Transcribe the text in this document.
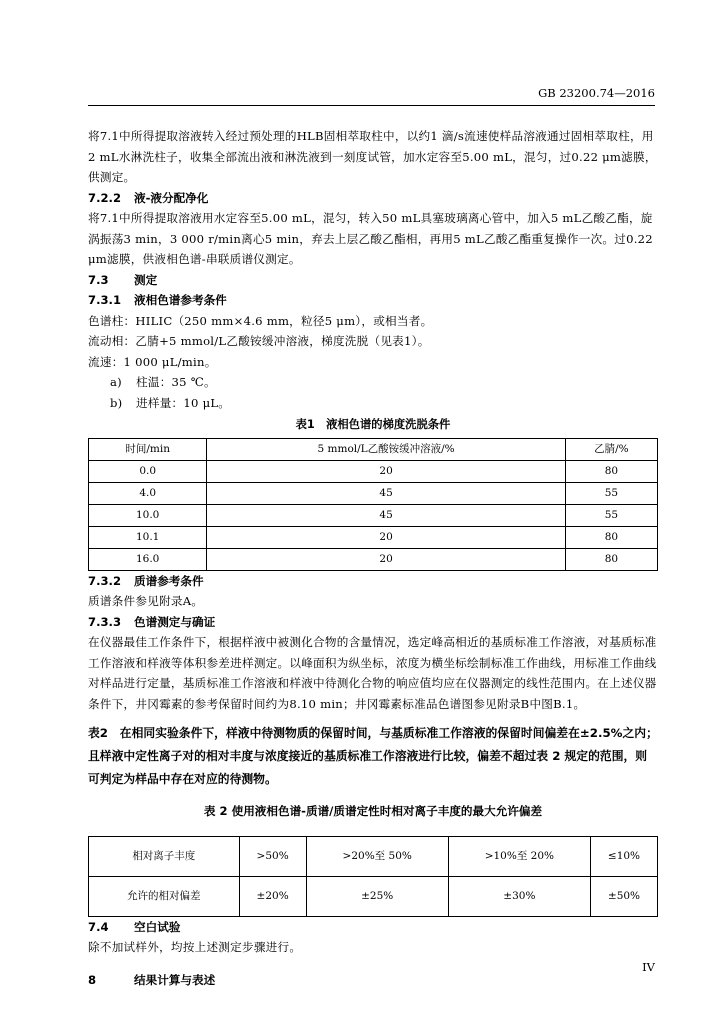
GB 23200.74—2016

将7.1中所得提取溶液转入经过预处理的HLB固相萃取柱中，以约1 滴/s流速使样品溶液通过固相萃取柱，用2 mL水淋洗柱子，收集全部流出液和淋洗液到一刻度试管，加水定容至5.00 mL，混匀，过0.22 μm滤膜，供测定。

7.2.2 液-液分配净化

将7.1中所得提取溶液用水定容至5.00 mL，混匀，转入50 mL具塞玻璃离心管中，加入5 mL乙酸乙酯，旋涡振荡3 min，3 000 r/min离心5 min，弃去上层乙酸乙酯相，再用5 mL乙酸乙酯重复操作一次。过0.22 μm滤膜，供液相色谱-串联质谱仪测定。

7.3 测定
7.3.1 液相色谱参考条件

色谱柱：HILIC（250 mm×4.6 mm，粒径5 μm），或相当者。

流动相：乙腈+5 mmol/L乙酸铵缓冲溶液，梯度洗脱（见表1）。

流速：1 000 μL/min。

a) 柱温：35 ℃。

b) 进样量：10 μL。

表1　液相色谱的梯度洗脱条件
时间/min	5 mmol/L乙酸铵缓冲溶液/%	乙腈/%
0.0	20	80
4.0	45	55
10.0	45	55
10.1	20	80
16.0	20	80
7.3.2 质谱参考条件

质谱条件参见附录A。

7.3.3 色谱测定与确证

在仪器最佳工作条件下，根据样液中被测化合物的含量情况，选定峰高相近的基质标准工作溶液，对基质标准工作溶液和样液等体积参差进样测定。以峰面积为纵坐标，浓度为横坐标绘制标准工作曲线，用标准工作曲线对样品进行定量，基质标准工作溶液和样液中待测化合物的响应值均应在仪器测定的线性范围内。在上述仪器条件下，井冈霉素的参考保留时间约为8.10 min；井冈霉素标准品色谱图参见附录B中图B.1。

表2　在相同实验条件下，样液中待测物质的保留时间，与基质标准工作溶液的保留时间偏差在±2.5%之内；且样液中定性离子对的相对丰度与浓度接近的基质标准工作溶液进行比较，偏差不超过表 2 规定的范围，则可判定为样品中存在对应的待测物。
表 2 使用液相色谱-质谱/质谱定性时相对离子丰度的最大允许偏差
相对离子丰度	>50%	>20%至 50%	>10%至 20%	≤10%
允许的相对偏差	±20%	±25%	±30%	±50%
7.4 空白试验

除不加试样外，均按上述测定步骤进行。

8	结果计算与表述
IV
